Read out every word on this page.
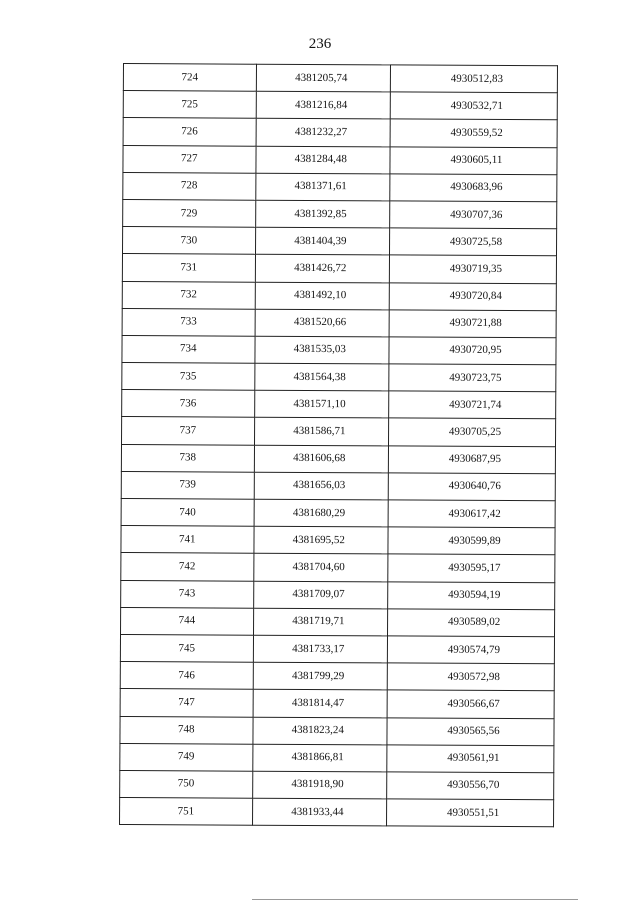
236
724	4381205,74	4930512,83
725	4381216,84	4930532,71
726	4381232,27	4930559,52
727	4381284,48	4930605,11
728	4381371,61	4930683,96
729	4381392,85	4930707,36
730	4381404,39	4930725,58
731	4381426,72	4930719,35
732	4381492,10	4930720,84
733	4381520,66	4930721,88
734	4381535,03	4930720,95
735	4381564,38	4930723,75
736	4381571,10	4930721,74
737	4381586,71	4930705,25
738	4381606,68	4930687,95
739	4381656,03	4930640,76
740	4381680,29	4930617,42
741	4381695,52	4930599,89
742	4381704,60	4930595,17
743	4381709,07	4930594,19
744	4381719,71	4930589,02
745	4381733,17	4930574,79
746	4381799,29	4930572,98
747	4381814,47	4930566,67
748	4381823,24	4930565,56
749	4381866,81	4930561,91
750	4381918,90	4930556,70
751	4381933,44	4930551,51
